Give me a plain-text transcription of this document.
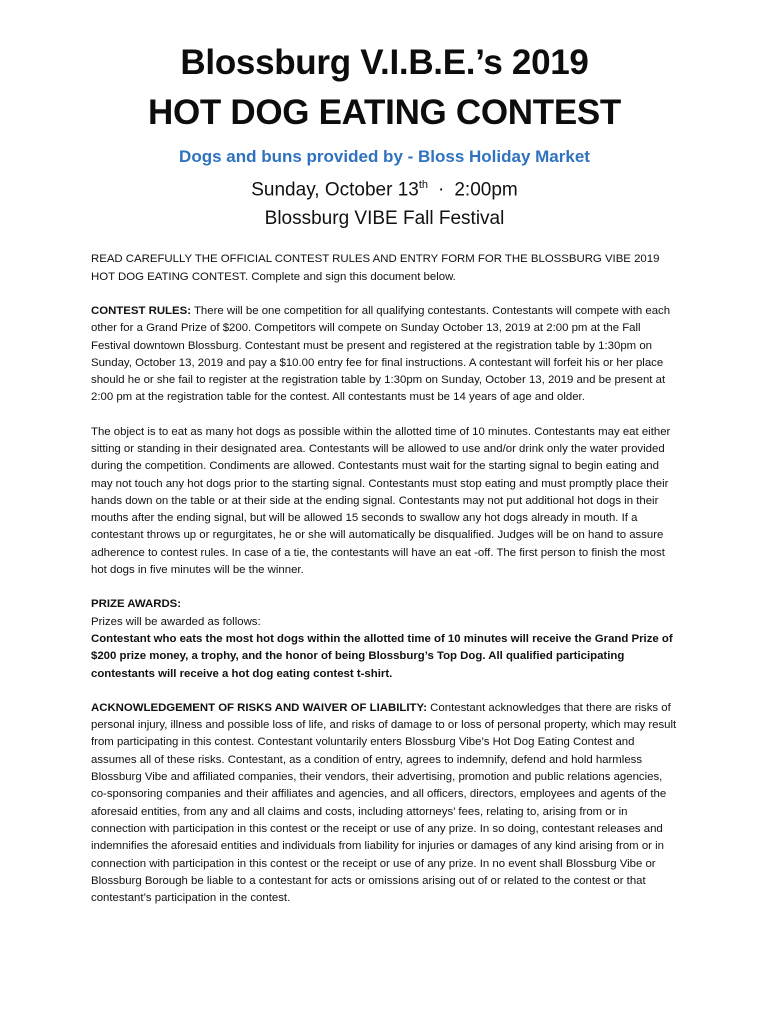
Blossburg V.I.B.E.’s 2019
HOT DOG EATING CONTEST
Dogs and buns provided by - Bloss Holiday Market
Sunday, October 13th · 2:00pm
Blossburg VIBE Fall Festival

READ CAREFULLY THE OFFICIAL CONTEST RULES AND ENTRY FORM FOR THE BLOSSBURG VIBE 2019 HOT DOG EATING CONTEST. Complete and sign this document below.

CONTEST RULES: There will be one competition for all qualifying contestants. Contestants will compete with each other for a Grand Prize of $200. Competitors will compete on Sunday October 13, 2019 at 2:00 pm at the Fall Festival downtown Blossburg. Contestant must be present and registered at the registration table by 1:30pm on Sunday, October 13, 2019 and pay a $10.00 entry fee for final instructions. A contestant will forfeit his or her place should he or she fail to register at the registration table by 1:30pm on Sunday, October 13, 2019 and be present at 2:00 pm at the registration table for the contest. All contestants must be 14 years of age and older.

The object is to eat as many hot dogs as possible within the allotted time of 10 minutes. Contestants may eat either sitting or standing in their designated area. Contestants will be allowed to use and/or drink only the water provided during the competition. Condiments are allowed. Contestants must wait for the starting signal to begin eating and may not touch any hot dogs prior to the starting signal. Contestants must stop eating and must promptly place their hands down on the table or at their side at the ending signal. Contestants may not put additional hot dogs in their mouths after the ending signal, but will be allowed 15 seconds to swallow any hot dogs already in mouth. If a contestant throws up or regurgitates, he or she will automatically be disqualified. Judges will be on hand to assure adherence to contest rules. In case of a tie, the contestants will have an eat -off. The first person to finish the most hot dogs in five minutes will be the winner.

PRIZE AWARDS:

Prizes will be awarded as follows:

Contestant who eats the most hot dogs within the allotted time of 10 minutes will receive the Grand Prize of $200 prize money, a trophy, and the honor of being Blossburg’s Top Dog. All qualified participating contestants will receive a hot dog eating contest t-shirt.

ACKNOWLEDGEMENT OF RISKS AND WAIVER OF LIABILITY: Contestant acknowledges that there are risks of personal injury, illness and possible loss of life, and risks of damage to or loss of personal property, which may result from participating in this contest. Contestant voluntarily enters Blossburg Vibe’s Hot Dog Eating Contest and assumes all of these risks. Contestant, as a condition of entry, agrees to indemnify, defend and hold harmless Blossburg Vibe and affiliated companies, their vendors, their advertising, promotion and public relations agencies, co-sponsoring companies and their affiliates and agencies, and all officers, directors, employees and agents of the aforesaid entities, from any and all claims and costs, including attorneys’ fees, relating to, arising from or in connection with participation in this contest or the receipt or use of any prize. In so doing, contestant releases and indemnifies the aforesaid entities and individuals from liability for injuries or damages of any kind arising from or in connection with participation in this contest or the receipt or use of any prize. In no event shall Blossburg Vibe or Blossburg Borough be liable to a contestant for acts or omissions arising out of or related to the contest or that contestant’s participation in the contest.
